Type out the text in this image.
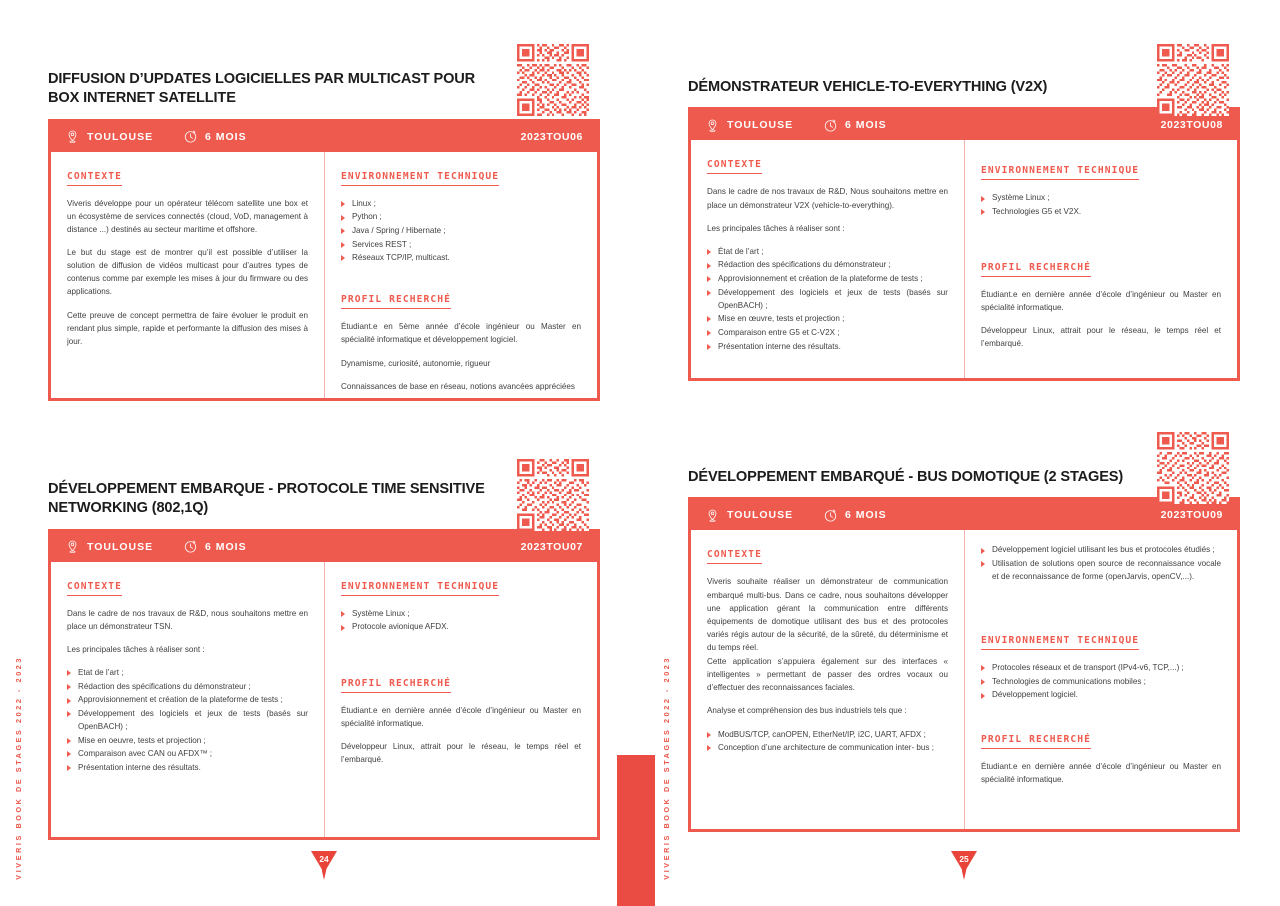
VIVERIS BOOK DE STAGES 2022 - 2023
DIFFUSION D’UPDATES LOGICIELLES PAR MULTICAST POUR BOX INTERNET SATELLITE
TOULOUSE	6 MOIS	2023TOU06
CONTEXTE

Viveris développe pour un opérateur télécom satellite une box et un écosystème de services connectés (cloud, VoD, management à distance ...) destinés au secteur maritime et offshore.

Le but du stage est de montrer qu’il est possible d’utiliser la solution de diffusion de vidéos multicast pour d’autres types de contenus comme par exemple les mises à jour du firmware ou des applications.

Cette preuve de concept permettra de faire évoluer le produit en rendant plus simple, rapide et performante la diffusion des mises à jour.

ENVIRONNEMENT TECHNIQUE
Linux ;
Python ;
Java / Spring / Hibernate ;
Services REST ;
Réseaux TCP/IP, multicast.
PROFIL RECHERCHÉ

Étudiant.e en 5ème année d’école ingénieur ou Master en spécialité informatique et développement logiciel.

Dynamisme, curiosité, autonomie, rigueur

Connaissances de base en réseau, notions avancées appréciées

DÉVELOPPEMENT EMBARQUE - PROTOCOLE TIME SENSITIVE NETWORKING (802,1Q)
TOULOUSE	6 MOIS	2023TOU07
CONTEXTE

Dans le cadre de nos travaux de R&D, nous souhaitons mettre en place un démonstrateur TSN.

Les principales tâches à réaliser sont :

Etat de l’art ;
Rédaction des spécifications du démonstrateur ;
Approvisionnement et création de la plateforme de tests ;
Développement des logiciels et jeux de tests (basés sur OpenBACH) ;
Mise en oeuvre, tests et projection ;
Comparaison avec CAN ou AFDX™ ;
Présentation interne des résultats.
ENVIRONNEMENT TECHNIQUE
Système Linux ;
Protocole avionique AFDX.
PROFIL RECHERCHÉ

Étudiant.e en dernière année d’école d’ingénieur ou Master en spécialité informatique.

Développeur Linux, attrait pour le réseau, le temps réel et l’embarqué.

24	VIVERIS BOOK DE STAGES 2022 - 2023
DÉMONSTRATEUR VEHICLE-TO-EVERYTHING (V2X)
TOULOUSE	6 MOIS	2023TOU08
CONTEXTE

Dans le cadre de nos travaux de R&D, Nous souhaitons mettre en place un démonstrateur V2X (vehicle-to-everything).

Les principales tâches à réaliser sont :

État de l’art ;
Rédaction des spécifications du démonstrateur ;
Approvisionnement et création de la plateforme de tests ;
Développement des logiciels et jeux de tests (basés sur OpenBACH) ;
Mise en œuvre, tests et projection ;
Comparaison entre G5 et C-V2X ;
Présentation interne des résultats.
ENVIRONNEMENT TECHNIQUE
Système Linux ;
Technologies G5 et V2X.
PROFIL RECHERCHÉ

Étudiant.e en dernière année d’école d’ingénieur ou Master en spécialité informatique.

Développeur Linux, attrait pour le réseau, le temps réel et l’embarqué.

DÉVELOPPEMENT EMBARQUÉ - BUS DOMOTIQUE (2 STAGES)
TOULOUSE	6 MOIS	2023TOU09
CONTEXTE

Viveris souhaite réaliser un démonstrateur de communication embarqué multi-bus. Dans ce cadre, nous souhaitons développer une application gérant la communication entre différents équipements de domotique utilisant des bus et des protocoles variés régis autour de la sécurité, de la sûreté, du déterminisme et du temps réel.

Cette application s’appuiera également sur des interfaces « intelligentes » permettant de passer des ordres vocaux ou d’effectuer des reconnaissances faciales.

Analyse et compréhension des bus industriels tels que :

ModBUS/TCP, canOPEN, EtherNet/IP, i2C, UART, AFDX ;
Conception d’une architecture de communication inter- bus ;
Développement logiciel utilisant les bus et protocoles étudiés ;
Utilisation de solutions open source de reconnaissance vocale et de reconnaissance de forme (openJarvis, openCV,...).
ENVIRONNEMENT TECHNIQUE
Protocoles réseaux et de transport (IPv4-v6, TCP,...) ;
Technologies de communications mobiles ;
Développement logiciel.
PROFIL RECHERCHÉ

Étudiant.e en dernière année d’école d’ingénieur ou Master en spécialité informatique.

25
